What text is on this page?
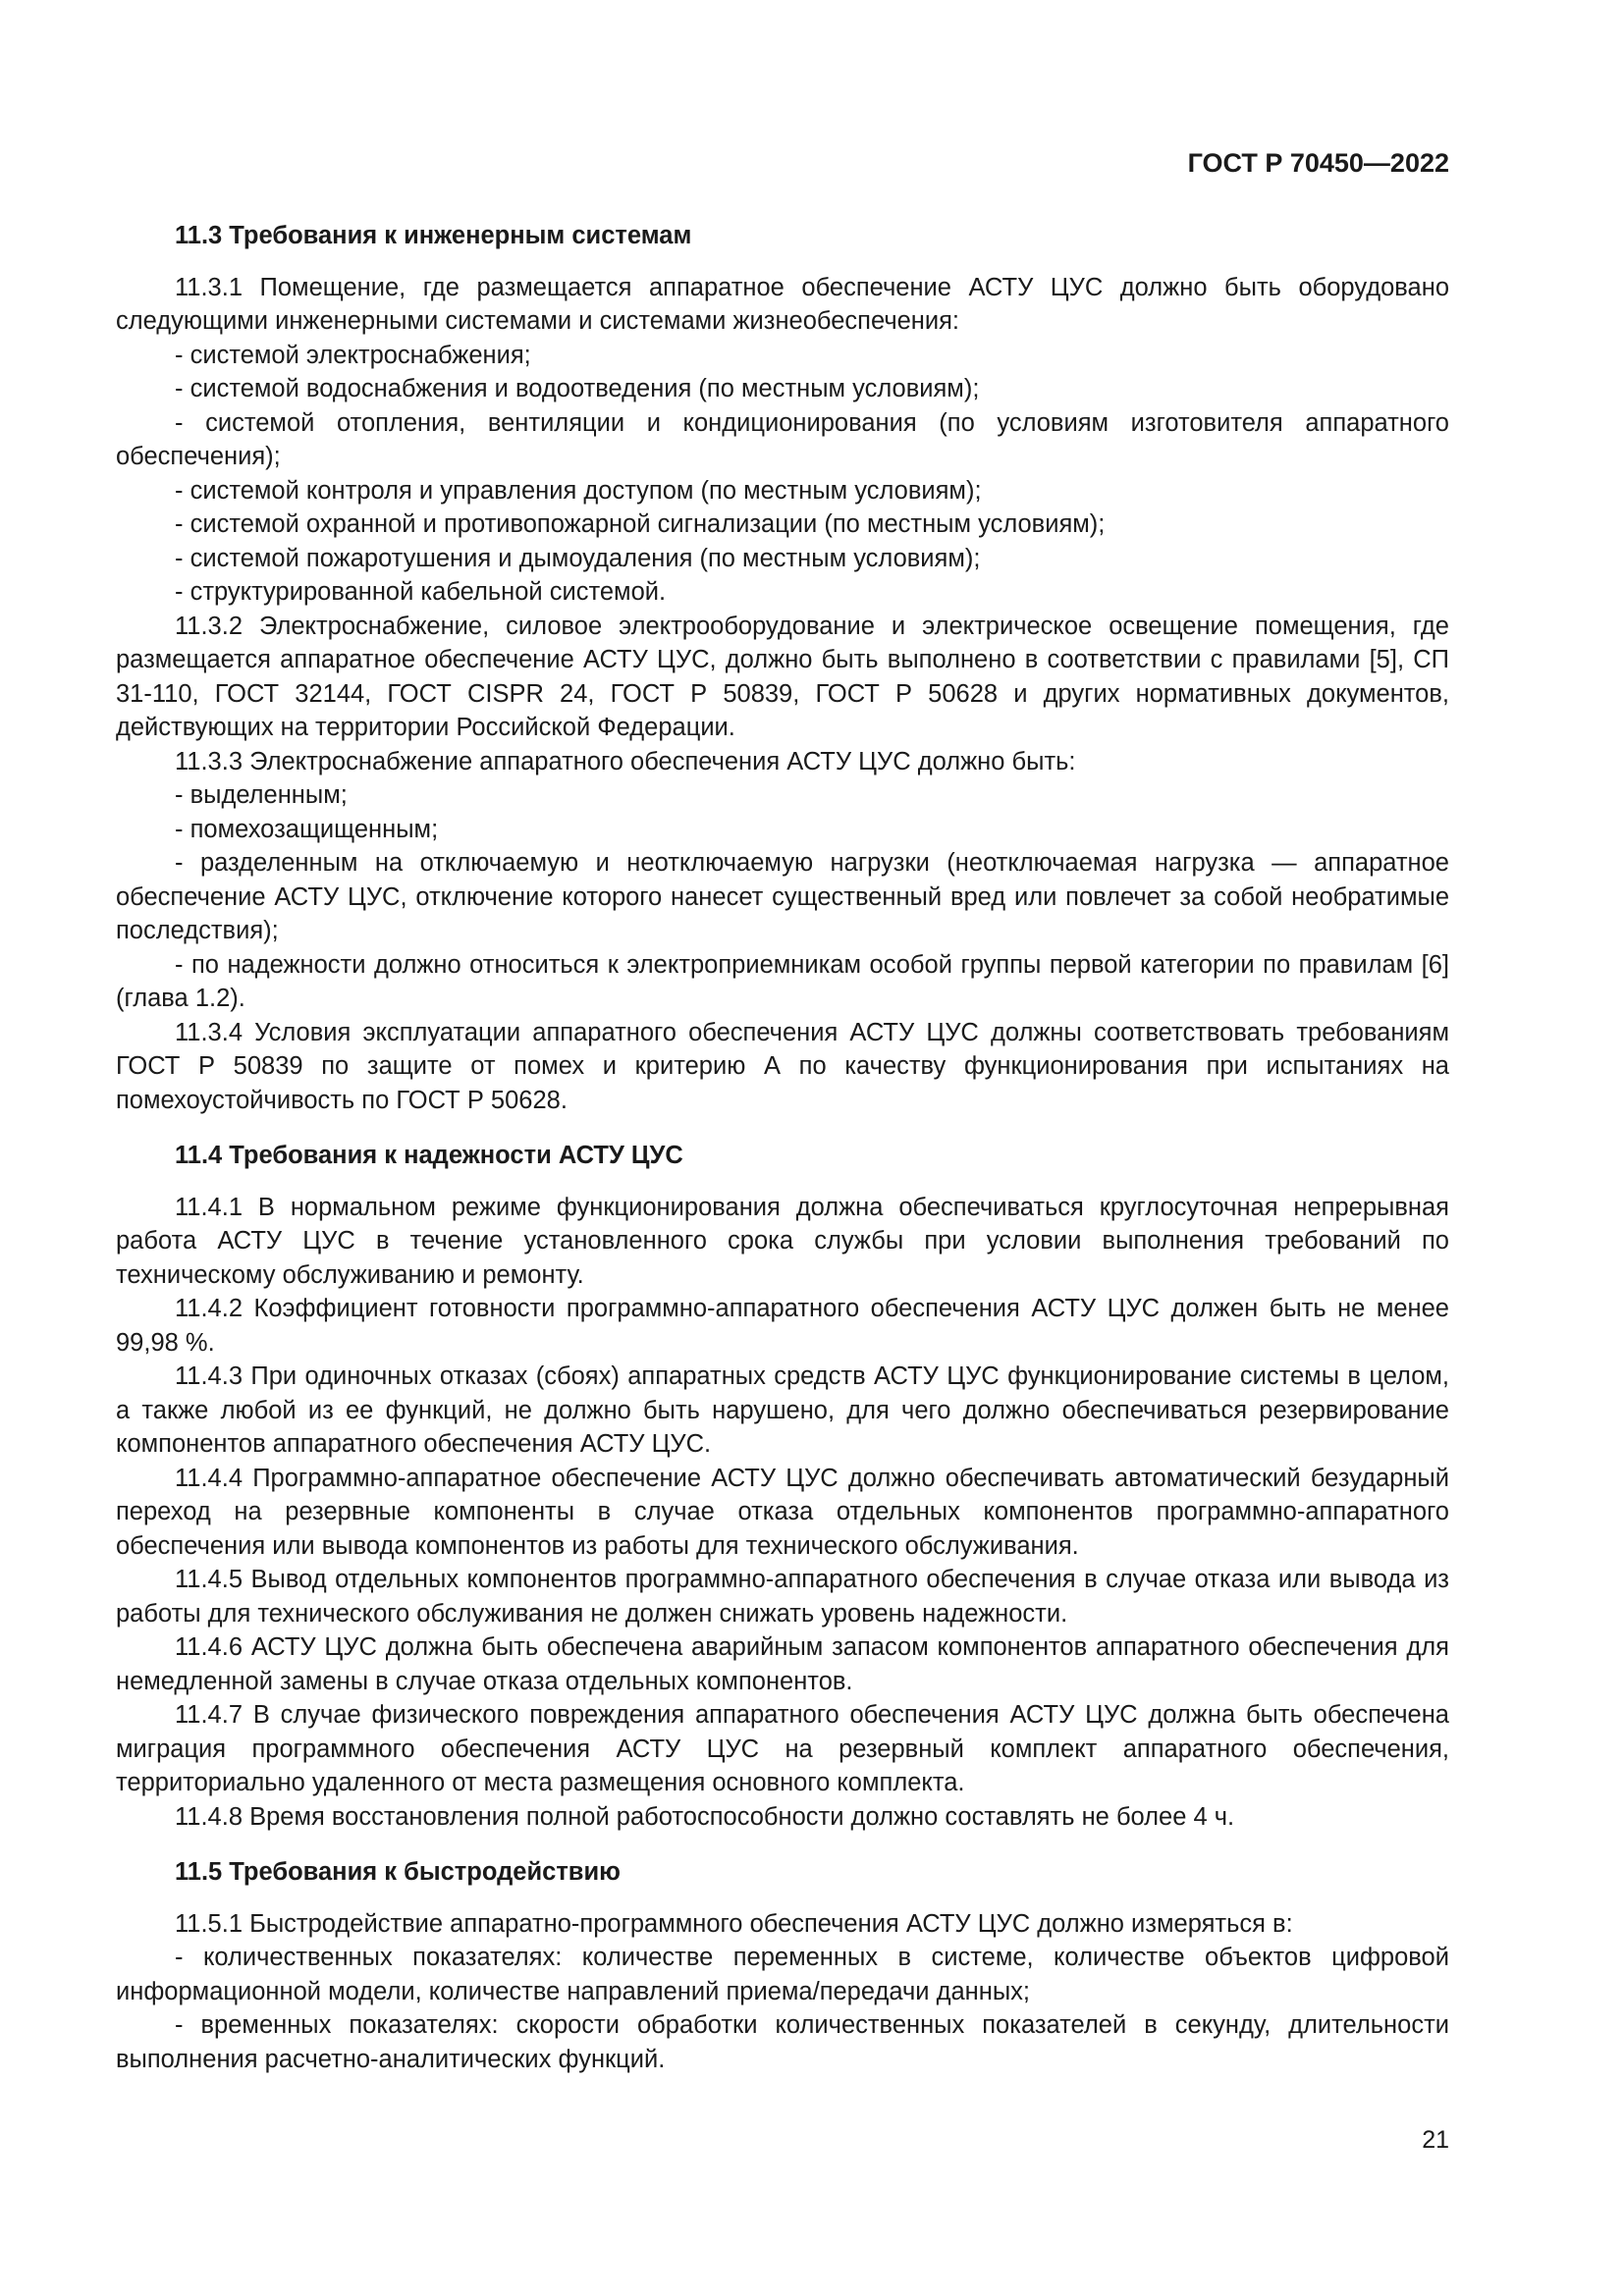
ГОСТ Р 70450—2022
11.3 Требования к инженерным системам

11.3.1 Помещение, где размещается аппаратное обеспечение АСТУ ЦУС должно быть оборудовано следующими инженерными системами и системами жизнеобеспечения:

- системой электроснабжения;

- системой водоснабжения и водоотведения (по местным условиям);

- системой отопления, вентиляции и кондиционирования (по условиям изготовителя аппаратного обеспечения);

- системой контроля и управления доступом (по местным условиям);

- системой охранной и противопожарной сигнализации (по местным условиям);

- системой пожаротушения и дымоудаления (по местным условиям);

- структурированной кабельной системой.

11.3.2 Электроснабжение, силовое электрооборудование и электрическое освещение помещения, где размещается аппаратное обеспечение АСТУ ЦУС, должно быть выполнено в соответствии с правилами [5], СП 31-110, ГОСТ 32144, ГОСТ CISPR 24, ГОСТ Р 50839, ГОСТ Р 50628 и других нормативных документов, действующих на территории Российской Федерации.

11.3.3 Электроснабжение аппаратного обеспечения АСТУ ЦУС должно быть:

- выделенным;

- помехозащищенным;

- разделенным на отключаемую и неотключаемую нагрузки (неотключаемая нагрузка — аппаратное обеспечение АСТУ ЦУС, отключение которого нанесет существенный вред или повлечет за собой необратимые последствия);

- по надежности должно относиться к электроприемникам особой группы первой категории по правилам [6] (глава 1.2).

11.3.4 Условия эксплуатации аппаратного обеспечения АСТУ ЦУС должны соответствовать требованиям ГОСТ Р 50839 по защите от помех и критерию А по качеству функционирования при испытаниях на помехоустойчивость по ГОСТ Р 50628.

11.4 Требования к надежности АСТУ ЦУС

11.4.1 В нормальном режиме функционирования должна обеспечиваться круглосуточная непрерывная работа АСТУ ЦУС в течение установленного срока службы при условии выполнения требований по техническому обслуживанию и ремонту.

11.4.2 Коэффициент готовности программно-аппаратного обеспечения АСТУ ЦУС должен быть не менее 99,98 %.

11.4.3 При одиночных отказах (сбоях) аппаратных средств АСТУ ЦУС функционирование системы в целом, а также любой из ее функций, не должно быть нарушено, для чего должно обеспечиваться резервирование компонентов аппаратного обеспечения АСТУ ЦУС.

11.4.4 Программно-аппаратное обеспечение АСТУ ЦУС должно обеспечивать автоматический безударный переход на резервные компоненты в случае отказа отдельных компонентов программно-аппаратного обеспечения или вывода компонентов из работы для технического обслуживания.

11.4.5 Вывод отдельных компонентов программно-аппаратного обеспечения в случае отказа или вывода из работы для технического обслуживания не должен снижать уровень надежности.

11.4.6 АСТУ ЦУС должна быть обеспечена аварийным запасом компонентов аппаратного обеспечения для немедленной замены в случае отказа отдельных компонентов.

11.4.7 В случае физического повреждения аппаратного обеспечения АСТУ ЦУС должна быть обеспечена миграция программного обеспечения АСТУ ЦУС на резервный комплект аппаратного обеспечения, территориально удаленного от места размещения основного комплекта.

11.4.8 Время восстановления полной работоспособности должно составлять не более 4 ч.

11.5 Требования к быстродействию

11.5.1 Быстродействие аппаратно-программного обеспечения АСТУ ЦУС должно измеряться в:

- количественных показателях: количестве переменных в системе, количестве объектов цифровой информационной модели, количестве направлений приема/передачи данных;

- временных показателях: скорости обработки количественных показателей в секунду, длительности выполнения расчетно-аналитических функций.

21
